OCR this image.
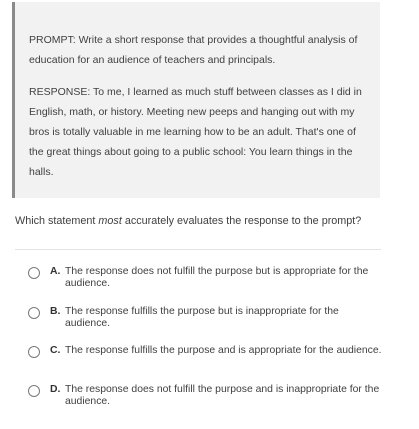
PROMPT: Write a short response that provides a thoughtful analysis of education for an audience of teachers and principals.

RESPONSE: To me, I learned as much stuff between classes as I did in English, math, or history. Meeting new peeps and hanging out with my bros is totally valuable in me learning how to be an adult. That's one of the great things about going to a public school: You learn things in the halls.

Which statement most accurately evaluates the response to the prompt?
A. The response does not fulfill the purpose but is appropriate for the audience.
B. The response fulfills the purpose but is inappropriate for the audience.
C. The response fulfills the purpose and is appropriate for the audience.
D. The response does not fulfill the purpose and is inappropriate for the audience.
